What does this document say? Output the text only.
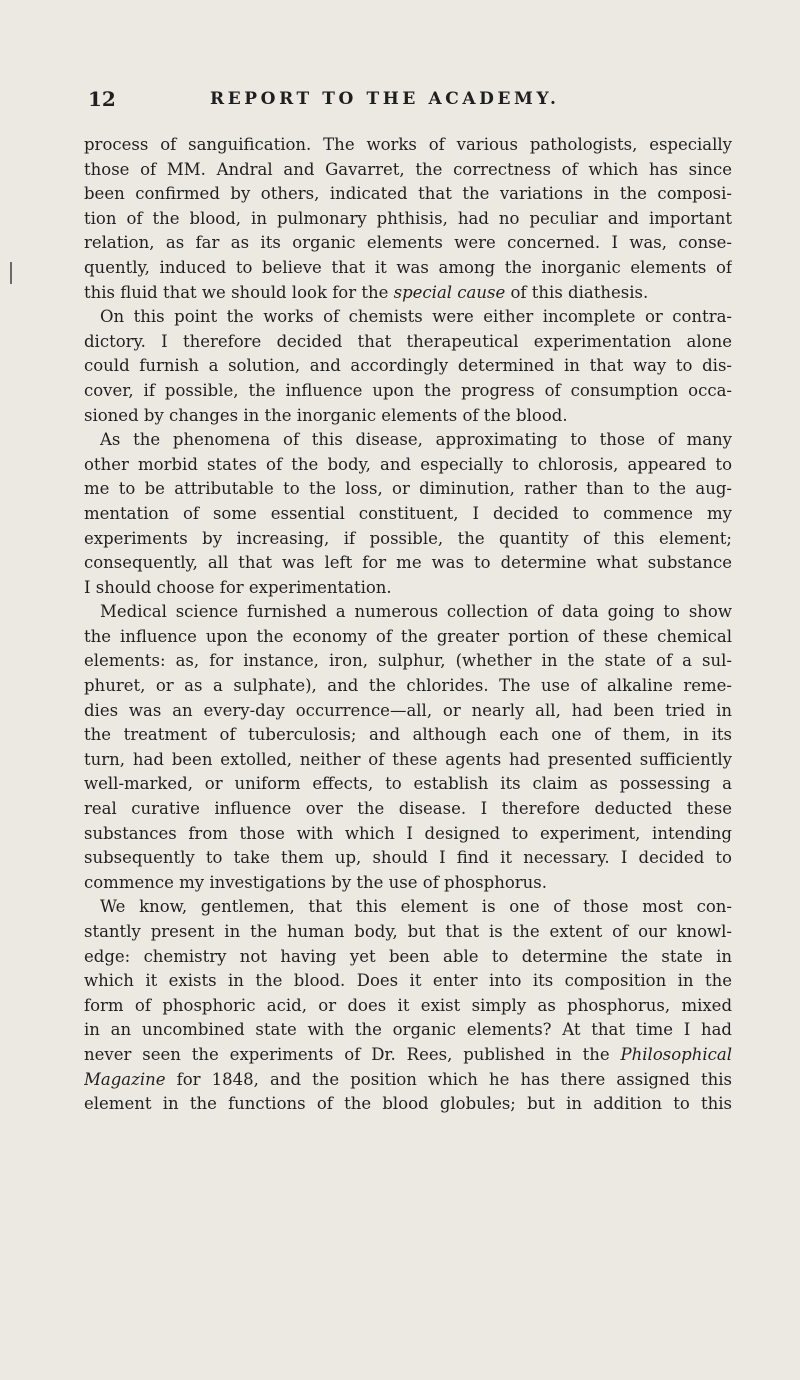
12	REPORT TO THE ACADEMY.
process of sanguification. The works of various pathologists, especially
those of MM. Andral and Gavarret, the correctness of which has since
been confirmed by others, indicated that the variations in the composi-
tion of the blood, in pulmonary phthisis, had no peculiar and important
relation, as far as its organic elements were concerned. I was, conse-
quently, induced to believe that it was among the inorganic elements of
this fluid that we should look for the special cause of this diathesis.
On this point the works of chemists were either incomplete or contra-
dictory. I therefore decided that therapeutical experimentation alone
could furnish a solution, and accordingly determined in that way to dis-
cover, if possible, the influence upon the progress of consumption occa-
sioned by changes in the inorganic elements of the blood.
As the phenomena of this disease, approximating to those of many
other morbid states of the body, and especially to chlorosis, appeared to
me to be attributable to the loss, or diminution, rather than to the aug-
mentation of some essential constituent, I decided to commence my
experiments by increasing, if possible, the quantity of this element;
consequently, all that was left for me was to determine what substance
I should choose for experimentation.
Medical science furnished a numerous collection of data going to show
the influence upon the economy of the greater portion of these chemical
elements: as, for instance, iron, sulphur, (whether in the state of a sul-
phuret, or as a sulphate), and the chlorides. The use of alkaline reme-
dies was an every-day occurrence—all, or nearly all, had been tried in
the treatment of tuberculosis; and although each one of them, in its
turn, had been extolled, neither of these agents had presented sufficiently
well-marked, or uniform effects, to establish its claim as possessing a
real curative influence over the disease. I therefore deducted these
substances from those with which I designed to experiment, intending
subsequently to take them up, should I find it necessary. I decided to
commence my investigations by the use of phosphorus.
We know, gentlemen, that this element is one of those most con-
stantly present in the human body, but that is the extent of our knowl-
edge: chemistry not having yet been able to determine the state in
which it exists in the blood. Does it enter into its composition in the
form of phosphoric acid, or does it exist simply as phosphorus, mixed
in an uncombined state with the organic elements? At that time I had
never seen the experiments of Dr. Rees, published in the Philosophical
Magazine for 1848, and the position which he has there assigned this
element in the functions of the blood globules; but in addition to this
